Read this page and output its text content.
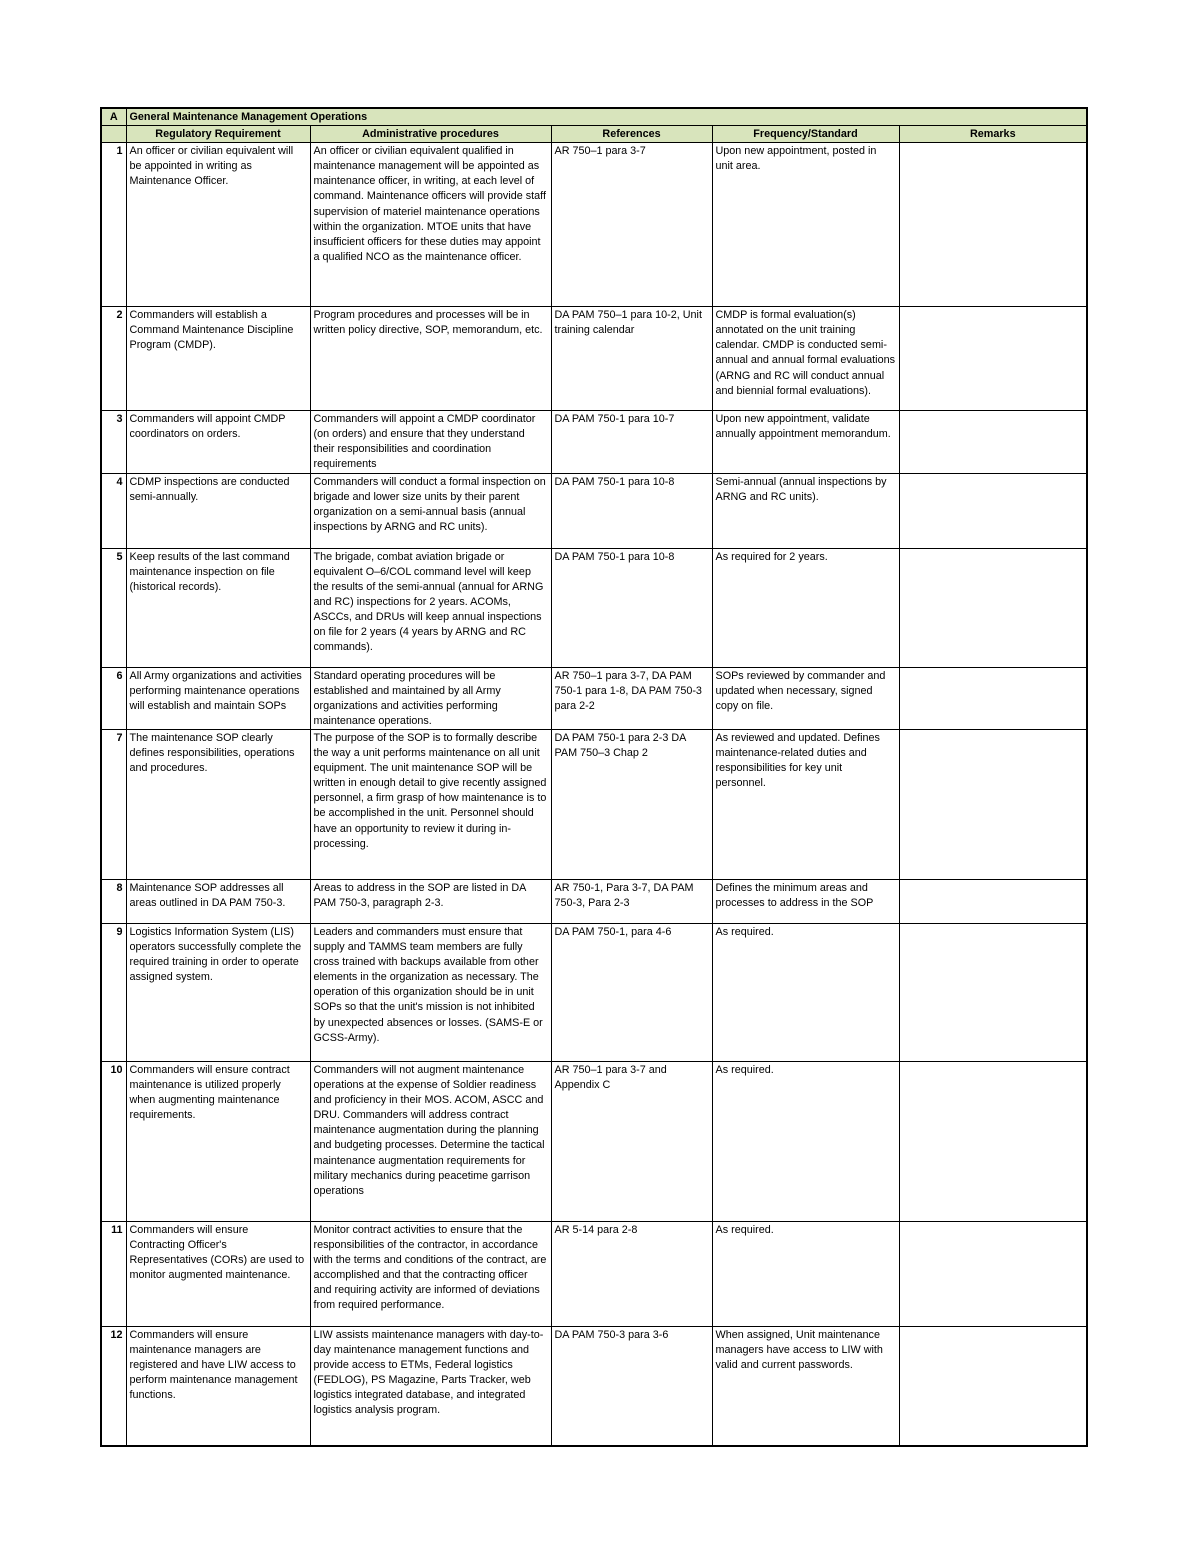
A	General Maintenance Management Operations				
	Regulatory Requirement	Administrative procedures	References	Frequency/Standard	Remarks
1	An officer or civilian equivalent will be appointed in writing as Maintenance Officer.	An officer or civilian equivalent qualified in maintenance management will be appointed as maintenance officer, in writing, at each level of command. Maintenance officers will provide staff supervision of materiel maintenance operations within the organization. MTOE units that have insufficient officers for these duties may appoint a qualified NCO as the maintenance officer.	AR 750–1 para 3-7	Upon new appointment, posted in unit area.	
2	Commanders will establish a Command Maintenance Discipline Program (CMDP).	Program procedures and processes will be in written policy directive, SOP, memorandum, etc.	DA PAM 750–1 para 10-2, Unit training calendar	CMDP is formal evaluation(s) annotated on the unit training calendar. CMDP is conducted semi-annual and annual formal evaluations (ARNG and RC will conduct annual and biennial formal evaluations).	
3	Commanders will appoint CMDP coordinators on orders.	Commanders will appoint a CMDP coordinator (on orders) and ensure that they understand their responsibilities and coordination requirements	DA PAM 750-1 para 10-7	Upon new appointment, validate annually appointment memorandum.	
4	CDMP inspections are conducted semi-annually.	Commanders will conduct a formal inspection on brigade and lower size units by their parent organization on a semi-annual basis (annual inspections by ARNG and RC units).	DA PAM 750-1 para 10-8	Semi-annual (annual inspections by ARNG and RC units).	
5	Keep results of the last command maintenance inspection on file (historical records).	The brigade, combat aviation brigade or equivalent O–6/COL command level will keep the results of the semi-annual (annual for ARNG and RC) inspections for 2 years. ACOMs, ASCCs, and DRUs will keep annual inspections on file for 2 years (4 years by ARNG and RC commands).	DA PAM 750-1 para 10-8	As required for 2 years.	
6	All Army organizations and activities performing maintenance operations will establish and maintain SOPs	Standard operating procedures will be established and maintained by all Army organizations and activities performing maintenance operations.	AR 750–1 para 3-7, DA PAM 750-1 para 1-8, DA PAM 750-3 para 2-2	SOPs reviewed by commander and updated when necessary, signed copy on file.	
7	The maintenance SOP clearly defines responsibilities, operations and procedures.	The purpose of the SOP is to formally describe the way a unit performs maintenance on all unit equipment. The unit maintenance SOP will be written in enough detail to give recently assigned personnel, a firm grasp of how maintenance is to be accomplished in the unit. Personnel should have an opportunity to review it during in-processing.	DA PAM 750-1 para 2-3 DA PAM 750–3 Chap 2	As reviewed and updated. Defines maintenance-related duties and responsibilities for key unit personnel.	
8	Maintenance SOP addresses all areas outlined in DA PAM 750-3.	Areas to address in the SOP are listed in DA PAM 750-3, paragraph 2-3.	AR 750-1, Para 3-7, DA PAM 750-3, Para 2-3	Defines the minimum areas and processes to address in the SOP	
9	Logistics Information System (LIS) operators successfully complete the required training in order to operate assigned system.	Leaders and commanders must ensure that supply and TAMMS team members are fully cross trained with backups available from other elements in the organization as necessary. The operation of this organization should be in unit SOPs so that the unit's mission is not inhibited by unexpected absences or losses. (SAMS-E or GCSS-Army).	DA PAM 750-1, para 4-6	As required.	
10	Commanders will ensure contract maintenance is utilized properly when augmenting maintenance requirements.	Commanders will not augment maintenance operations at the expense of Soldier readiness and proficiency in their MOS. ACOM, ASCC and DRU. Commanders will address contract maintenance augmentation during the planning and budgeting processes. Determine the tactical maintenance augmentation requirements for military mechanics during peacetime garrison operations	AR 750–1 para 3-7 and Appendix C	As required.	
11	Commanders will ensure Contracting Officer's Representatives (CORs) are used to monitor augmented maintenance.	Monitor contract activities to ensure that the responsibilities of the contractor, in accordance with the terms and conditions of the contract, are accomplished and that the contracting officer and requiring activity are informed of deviations from required performance.	AR 5-14 para 2-8	As required.	
12	Commanders will ensure maintenance managers are registered and have LIW access to perform maintenance management functions.	LIW assists maintenance managers with day-to-day maintenance management functions and provide access to ETMs, Federal logistics (FEDLOG), PS Magazine, Parts Tracker, web logistics integrated database, and integrated logistics analysis program.	DA PAM 750-3 para 3-6	When assigned, Unit maintenance managers have access to LIW with valid and current passwords.	
